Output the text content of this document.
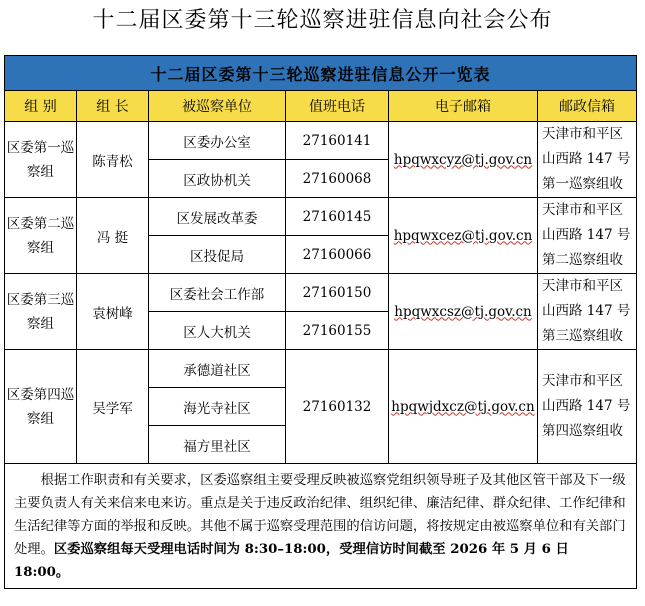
十二届区委第十三轮巡察进驻信息向社会公布
十二届区委第十三轮巡察进驻信息公开一览表					
组 别	组 长	被巡察单位	值班电话	电子邮箱	邮政信箱
区委第一巡察组	陈青松	区委办公室	27160141	hpqwxcyz@tj.gov.cn	天津市和平区
山西路 147 号
第一巡察组收
		区政协机关	27160068		
区委第二巡察组	冯 挺	区发展改革委	27160145	hpqwxcez@tj.gov.cn	天津市和平区
山西路 147 号
第二巡察组收
		区投促局	27160066		
区委第三巡察组	袁树峰	区委社会工作部	27160150	hpqwxcsz@tj.gov.cn	天津市和平区
山西路 147 号
第三巡察组收
		区人大机关	27160155		
区委第四巡察组	吴学军	承德道社区	27160132	hpqwjdxcz@tj.gov.cn	天津市和平区
山西路 147 号
第四巡察组收
		海光寺社区			
		福方里社区			
根据工作职责和有关要求，区委巡察组主要受理反映被巡察党组织领导班子及其他区管干部及下一级主要负责人有关来信来电来访。重点是关于违反政治纪律、组织纪律、廉洁纪律、群众纪律、工作纪律和生活纪律等方面的举报和反映。其他不属于巡察受理范围的信访问题，将按规定由被巡察单位和有关部门处理。区委巡察组每天受理电话时间为 8:30–18:00，受理信访时间截至 2026 年 5 月 6 日 18:00。					
